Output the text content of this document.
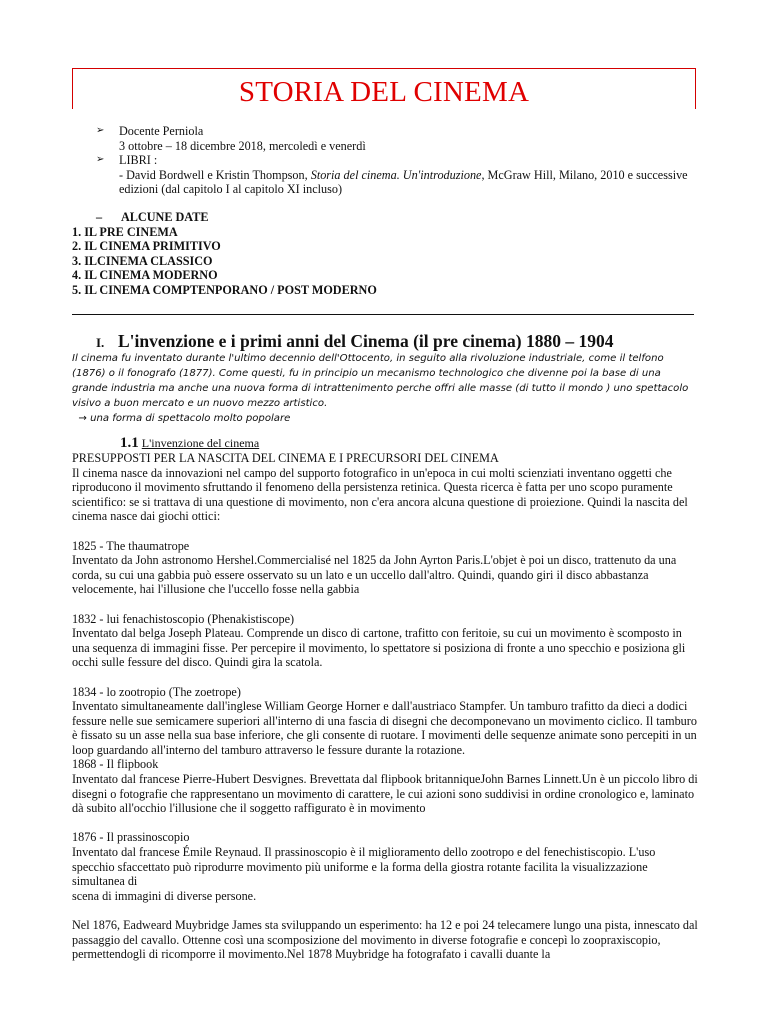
STORIA DEL CINEMA
➢ Docente Perniola
3 ottobre – 18 dicembre 2018, mercoledì e venerdì
➢ LIBRI :
- David Bordwell e Kristin Thompson, Storia del cinema. Un'introduzione, McGraw Hill, Milano, 2010 e successive edizioni (dal capitolo I al capitolo XI incluso)
– ALCUNE DATE
1. IL PRE CINEMA
2. IL CINEMA PRIMITIVO
3. ILCINEMA CLASSICO
4. IL CINEMA MODERNO
5. IL CINEMA COMPTENPORANO / POST MODERNO
I. L'invenzione e i primi anni del Cinema (il pre cinema) 1880 – 1904
Il cinema fu inventato durante l'ultimo decennio dell'Ottocento, in seguito alla rivoluzione industriale, come il telfono (1876) o il fonografo (1877). Come questi, fu in principio un mecanismo technologico che divenne poi la base di una grande industria ma anche una nuova forma di intrattenimento perche offri alle masse (di tutto il mondo ) uno spettacolo visivo a buon mercato e un nuovo mezzo artistico.
→ una forma di spettacolo molto popolare
1.1 L'invenzione del cinema

PRESUPPOSTI PER LA NASCITA DEL CINEMA E I PRECURSORI DEL CINEMA

Il cinema nasce da innovazioni nel campo del supporto fotografico in un'epoca in cui molti scienziati inventano oggetti che riproducono il movimento sfruttando il fenomeno della persistenza retinica. Questa ricerca è fatta per uno scopo puramente scientifico: se si trattava di una questione di movimento, non c'era ancora alcuna questione di proiezione. Quindi la nascita del cinema nasce dai giochi ottici:

1825 - The thaumatrope

Inventato da John astronomo Hershel.Commercialisé nel 1825 da John Ayrton Paris.L'objet è poi un disco, trattenuto da una corda, su cui una gabbia può essere osservato su un lato e un uccello dall'altro. Quindi, quando giri il disco abbastanza velocemente, hai l'illusione che l'uccello fosse nella gabbia

1832 - lui fenachistoscopio (Phenakistiscope)

Inventato dal belga Joseph Plateau. Comprende un disco di cartone, trafitto con feritoie, su cui un movimento è scomposto in una sequenza di immagini fisse. Per percepire il movimento, lo spettatore si posiziona di fronte a uno specchio e posiziona gli occhi sulle fessure del disco. Quindi gira la scatola.

1834 - lo zootropio (The zoetrope)

Inventato simultaneamente dall'inglese William George Horner e dall'austriaco Stampfer. Un tamburo trafitto da dieci a dodici fessure nelle sue semicamere superiori all'interno di una fascia di disegni che decomponevano un movimento ciclico. Il tamburo è fissato su un asse nella sua base inferiore, che gli consente di ruotare. I movimenti delle sequenze animate sono percepiti in un loop guardando all'interno del tamburo attraverso le fessure durante la rotazione.

1868 - Il flipbook

Inventato dal francese Pierre-Hubert Desvignes. Brevettata dal flipbook britanniqueJohn Barnes Linnett.Un è un piccolo libro di disegni o fotografie che rappresentano un movimento di carattere, le cui azioni sono suddivisi in ordine cronologico e, laminato dà subito all'occhio l'illusione che il soggetto raffigurato è in movimento

1876 - Il prassinoscopio

Inventato dal francese Émile Reynaud. Il prassinoscopio è il miglioramento dello zootropo e del fenechistiscopio. L'uso specchio sfaccettato può riprodurre movimento più uniforme e la forma della giostra rotante facilita la visualizzazione simultanea di

scena di immagini di diverse persone.

Nel 1876, Eadweard Muybridge James sta sviluppando un esperimento: ha 12 e poi 24 telecamere lungo una pista, innescato dal passaggio del cavallo. Ottenne così una scomposizione del movimento in diverse fotografie e concepì lo zoopraxiscopio, permettendogli di ricomporre il movimento.Nel 1878 Muybridge ha fotografato i cavalli duante la
